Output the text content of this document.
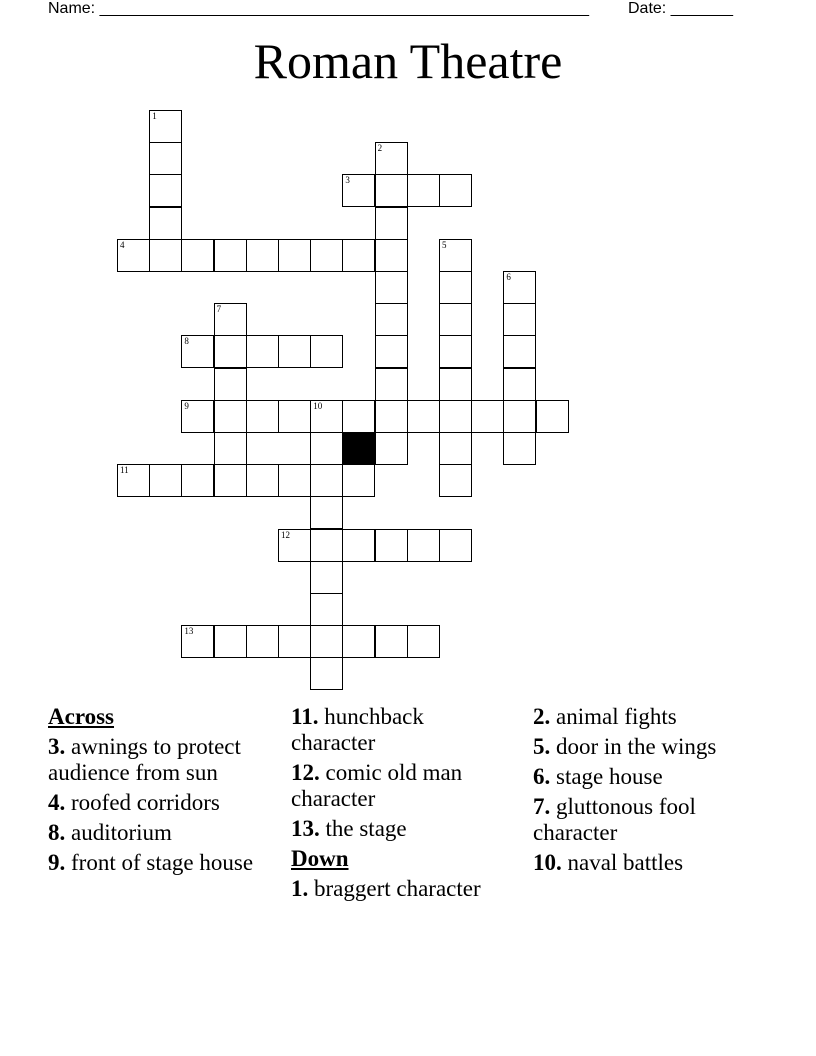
Name: _______________________________________________________ Date: _______
Roman Theatre
1
2
3
4	5
6
7
8
9	10
11
12
13
Across
3. awnings to protect audience from sun
4. roofed corridors
8. auditorium
9. front of stage house
11. hunchback character
12. comic old man character
13. the stage
Down
1. braggert character
2. animal fights
5. door in the wings
6. stage house
7. gluttonous fool character
10. naval battles
